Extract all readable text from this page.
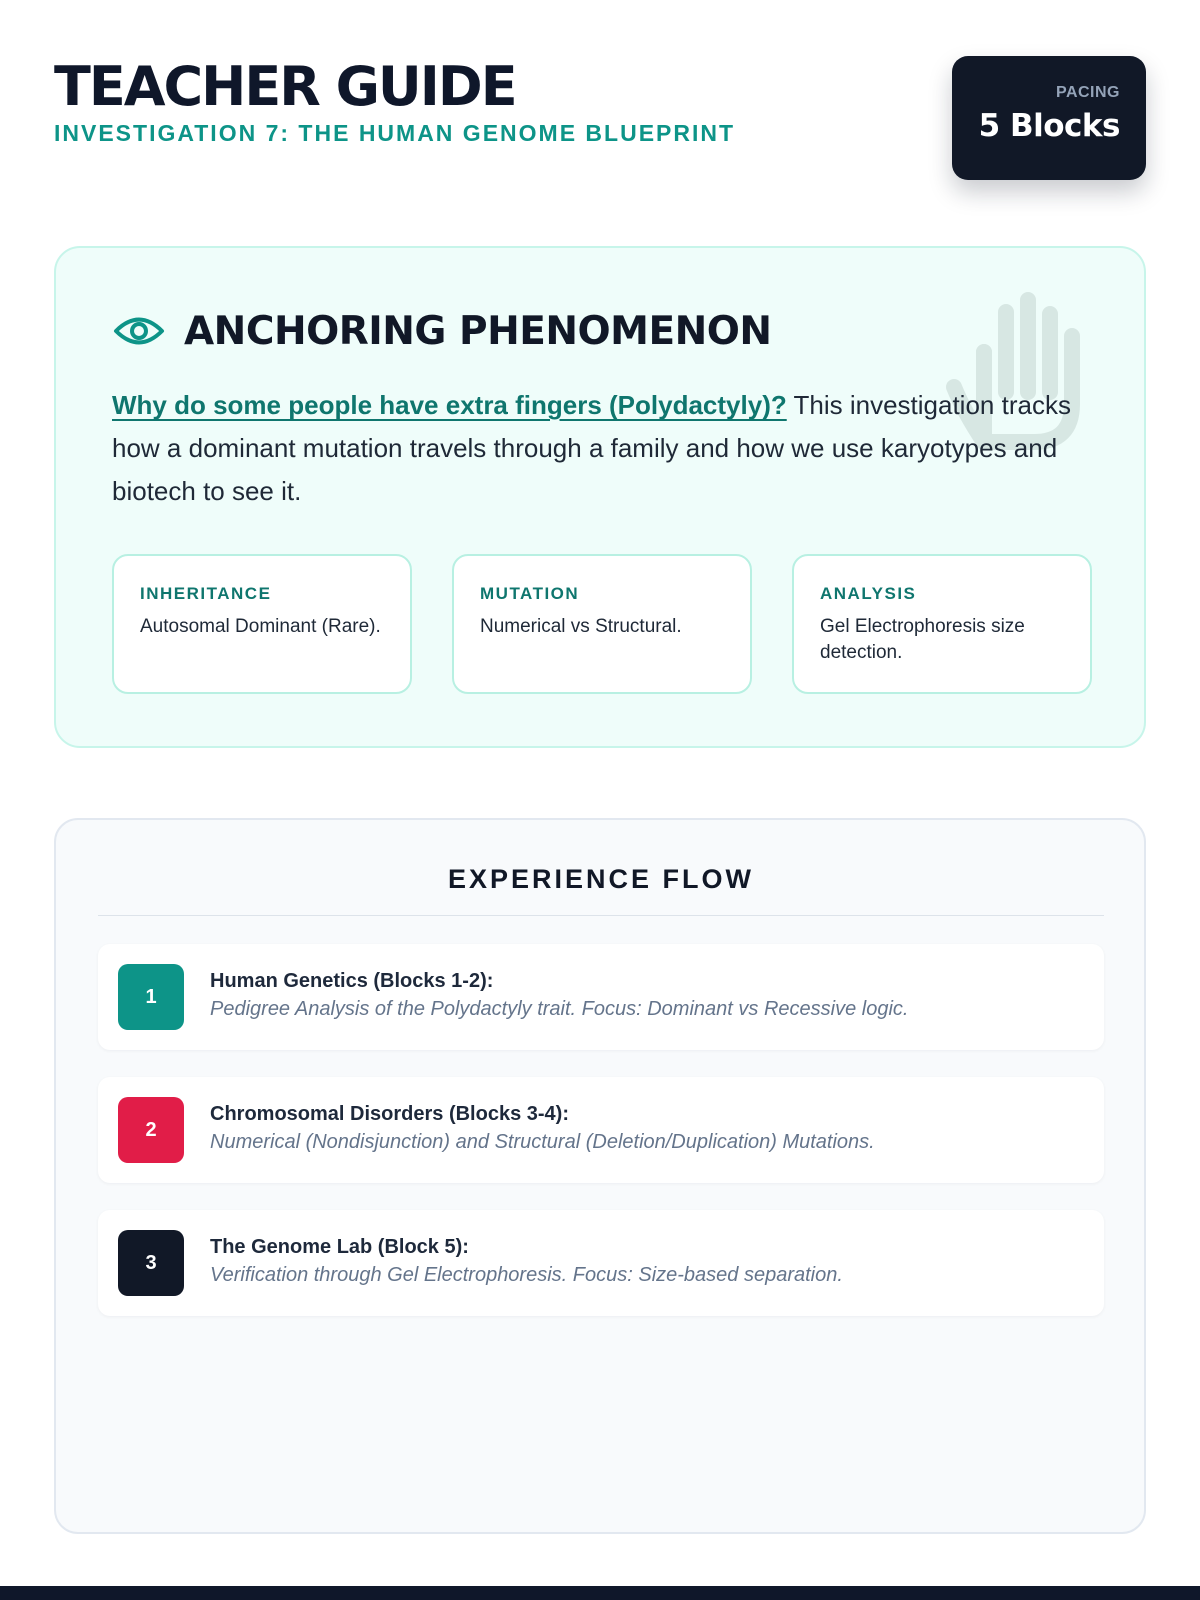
TEACHER GUIDE
INVESTIGATION 7: THE HUMAN GENOME BLUEPRINT
PACING
5 Blocks
ANCHORING PHENOMENON
Why do some people have extra fingers (Polydactyly)? This investigation tracks how a dominant mutation travels through a family and how we use karyotypes and biotech to see it.
INHERITANCE
Autosomal Dominant (Rare).
MUTATION
Numerical vs Structural.
ANALYSIS
Gel Electrophoresis size detection.
EXPERIENCE FLOW
1
Human Genetics (Blocks 1-2):
Pedigree Analysis of the Polydactyly trait. Focus: Dominant vs Recessive logic.
2
Chromosomal Disorders (Blocks 3-4):
Numerical (Nondisjunction) and Structural (Deletion/Duplication) Mutations.
3
The Genome Lab (Block 5):
Verification through Gel Electrophoresis. Focus: Size-based separation.
